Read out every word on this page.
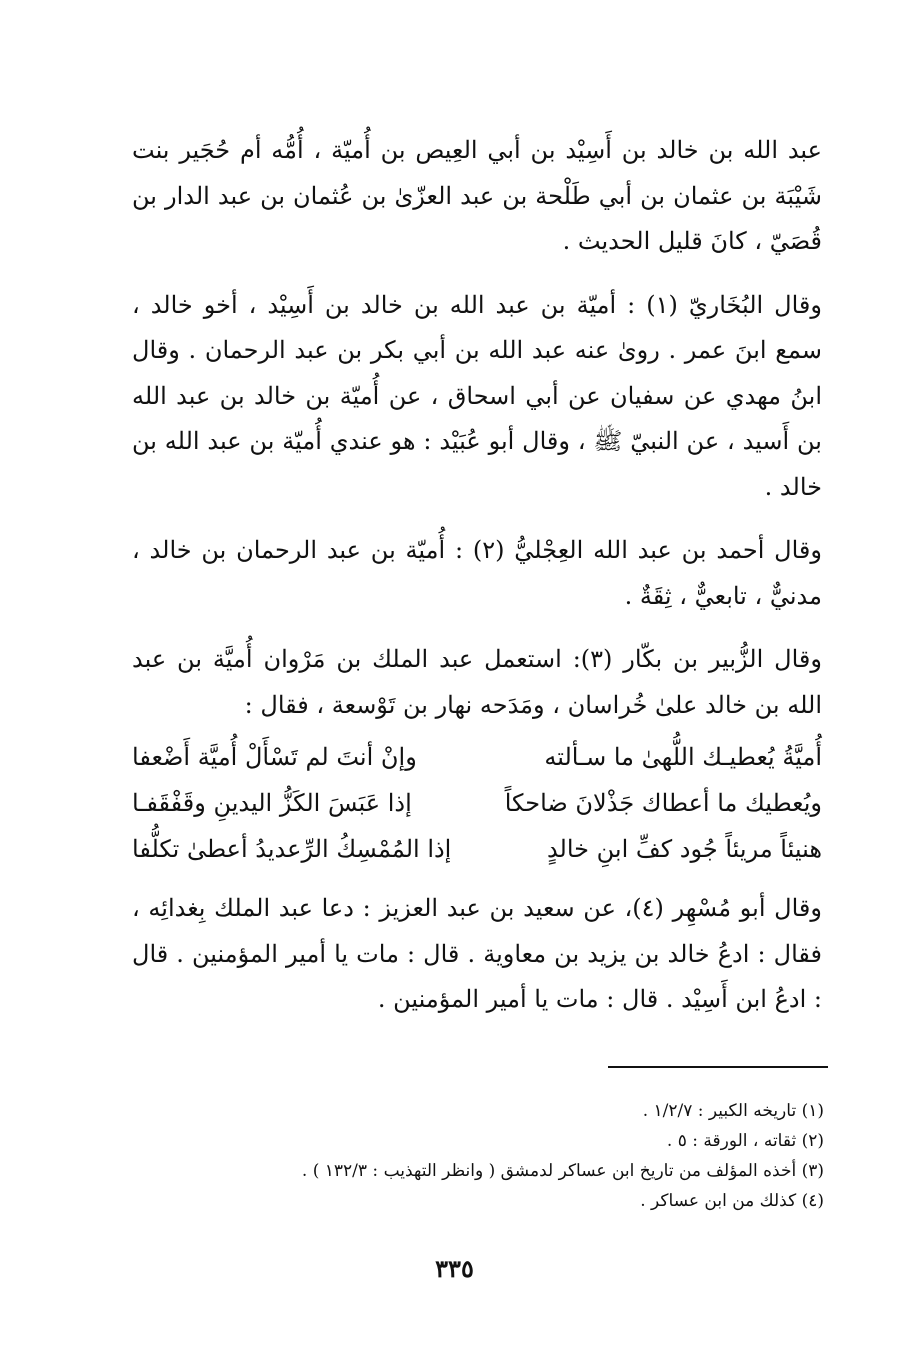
عبد الله بن خالد بن أَسِيْد بن أبي العِيص بن أُميّة ، أُمُّه أم حُجَير بنت شَيْبَة بن عثمان بن أبي طَلْحة بن عبد العزّىٰ بن عُثمان بن عبد الدار بن قُصَيّ ، كانَ قليل الحديث .

وقال البُخَاريّ (١) : أميّة بن عبد الله بن خالد بن أَسِيْد ، أخو خالد ، سمع ابنَ عمر . روىٰ عنه عبد الله بن أبي بكر بن عبد الرحمان . وقال ابنُ مهدي عن سفيان عن أبي اسحاق ، عن أُميّة بن خالد بن عبد الله بن أَسيد ، عن النبيّ ﷺ ، وقال أبو عُبَيْد : هو عندي أُميّة بن عبد الله بن خالد .

وقال أحمد بن عبد الله العِجْليُّ (٢) : أُميّة بن عبد الرحمان بن خالد ، مدنيٌّ ، تابعيٌّ ، ثِقَةٌ .

وقال الزُّبير بن بكّار (٣): استعمل عبد الملك بن مَرْوان أُميَّة بن عبد الله بن خالد علىٰ خُراسان ، ومَدَحه نهار بن تَوْسعة ، فقال :

أُميَّةُ يُعطيـك اللُّهىٰ ما سـألته
وإنْ أنتَ لم تَسْأَلْ أُميَّة أَضْعفا
ويُعطيك ما أعطاك جَذْلانَ ضاحكاً
إذا عَبَسَ الكَزُّ اليدينِ وقَفْقَفـا
هنيئاً مريئاً جُود كفِّ ابنِ خالدٍ
إذا المُمْسِكُ الرِّعديدُ أعطىٰ تكلُّفا

وقال أبو مُسْهِر (٤)، عن سعيد بن عبد العزيز : دعا عبد الملك بِغدائِه ، فقال : ادعُ خالد بن يزيد بن معاوية . قال : مات يا أمير المؤمنين . قال : ادعُ ابن أَسِيْد . قال : مات يا أمير المؤمنين .

(١) تاريخه الكبير : ١/٢/٧ .
(٢) ثقاته ، الورقة : ٥ .
(٣) أخذه المؤلف من تاريخ ابن عساكر لدمشق ( وانظر التهذيب : ١٣٢/٣ ) .
(٤) كذلك من ابن عساكر .
٣٣٥
